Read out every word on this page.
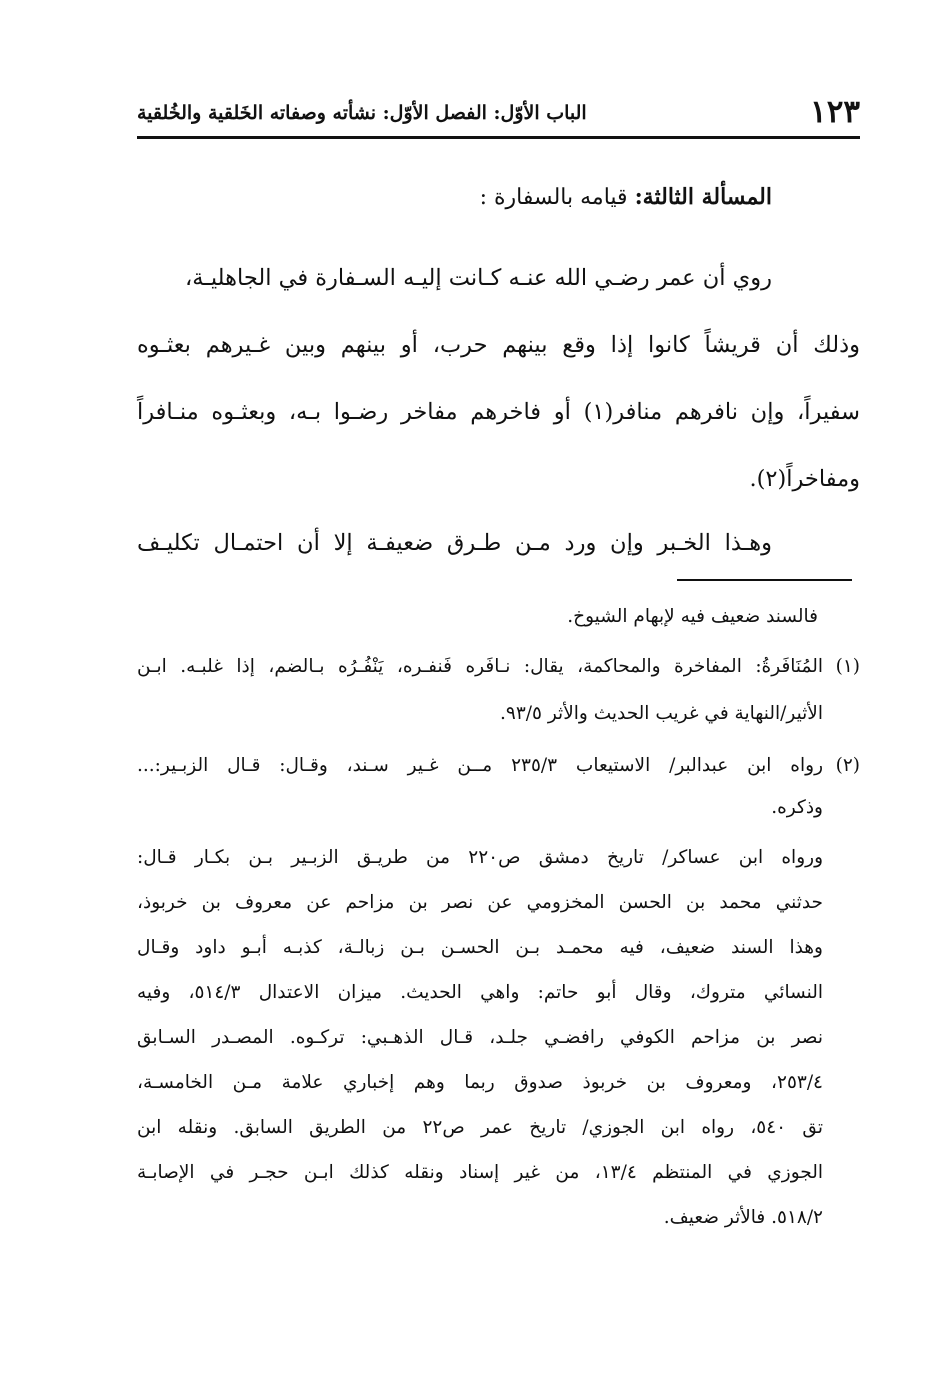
١٢٣
الباب الأوّل: الفصل الأوّل: نشأته وصفاته الخَلقية والخُلقية
المسألة الثالثة: قيامه بالسفارة :
روي أن عمر رضـي الله عنـه كـانت إليـه السـفارة في الجاهليـة،
وذلك أن قريشاً كانوا إذا وقع بينهم حرب، أو بينهم وبين غـيرهم بعثـوه
سفيراً، وإن نافرهم منافر(١) أو فاخرهم مفاخر رضـوا بـه، وبعثـوه منـافراً
ومفاخراً(٢).
وهـذا الخـبر وإن ورد مـن طـرق ضعيفـة إلا أن احتمـال تكليـف
فالسند ضعيف فيه لإبهام الشيوخ.
(١)
المُنَافَرةُ: المفاخرة والمحاكمة، يقال: نـافَره فَنفـره، يَنْفُـرُه بـالضم، إذا غلبـه. ابـن
الأثير/النهاية في غريب الحديث والأثر ٩٣/٥.
(٢)
رواه ابن عبدالبر/ الاستيعاب ٢٣٥/٣ مــن غـير سـند، وقـال: قـال الزبـير:...
وذكره.
ورواه ابن عساكر/ تاريخ دمشق ص٢٢٠ من طريـق الزبـير بـن بكـار قـال:
حدثني محمد بن الحسن المخزومي عن نصر بن مزاحم عن معروف بن خربوذ،
وهذا السند ضعيف، فيه محمـد بـن الحسـن بـن زبالـة، كذبـه أبـو داود وقـال
النسائي متروك، وقال أبو حاتم: واهي الحديث. ميزان الاعتدال ٥١٤/٣، وفيه
نصر بن مزاحم الكوفي رافضـي جلـد، قـال الذهـبي: تركـوه. المصـدر السـابق
٢٥٣/٤، ومعروف بن خربوذ صدوق ربما وهم إخباري علامة مـن الخامسـة،
تق ٥٤٠، رواه ابن الجوزي/ تاريخ عمر ص٢٢ من الطريق السابق. ونقله ابن
الجوزي في المنتظم ١٣/٤، من غير إسناد ونقله كذلك ابـن حجـر في الإصابـة
٥١٨/٢. فالأثر ضعيف.
